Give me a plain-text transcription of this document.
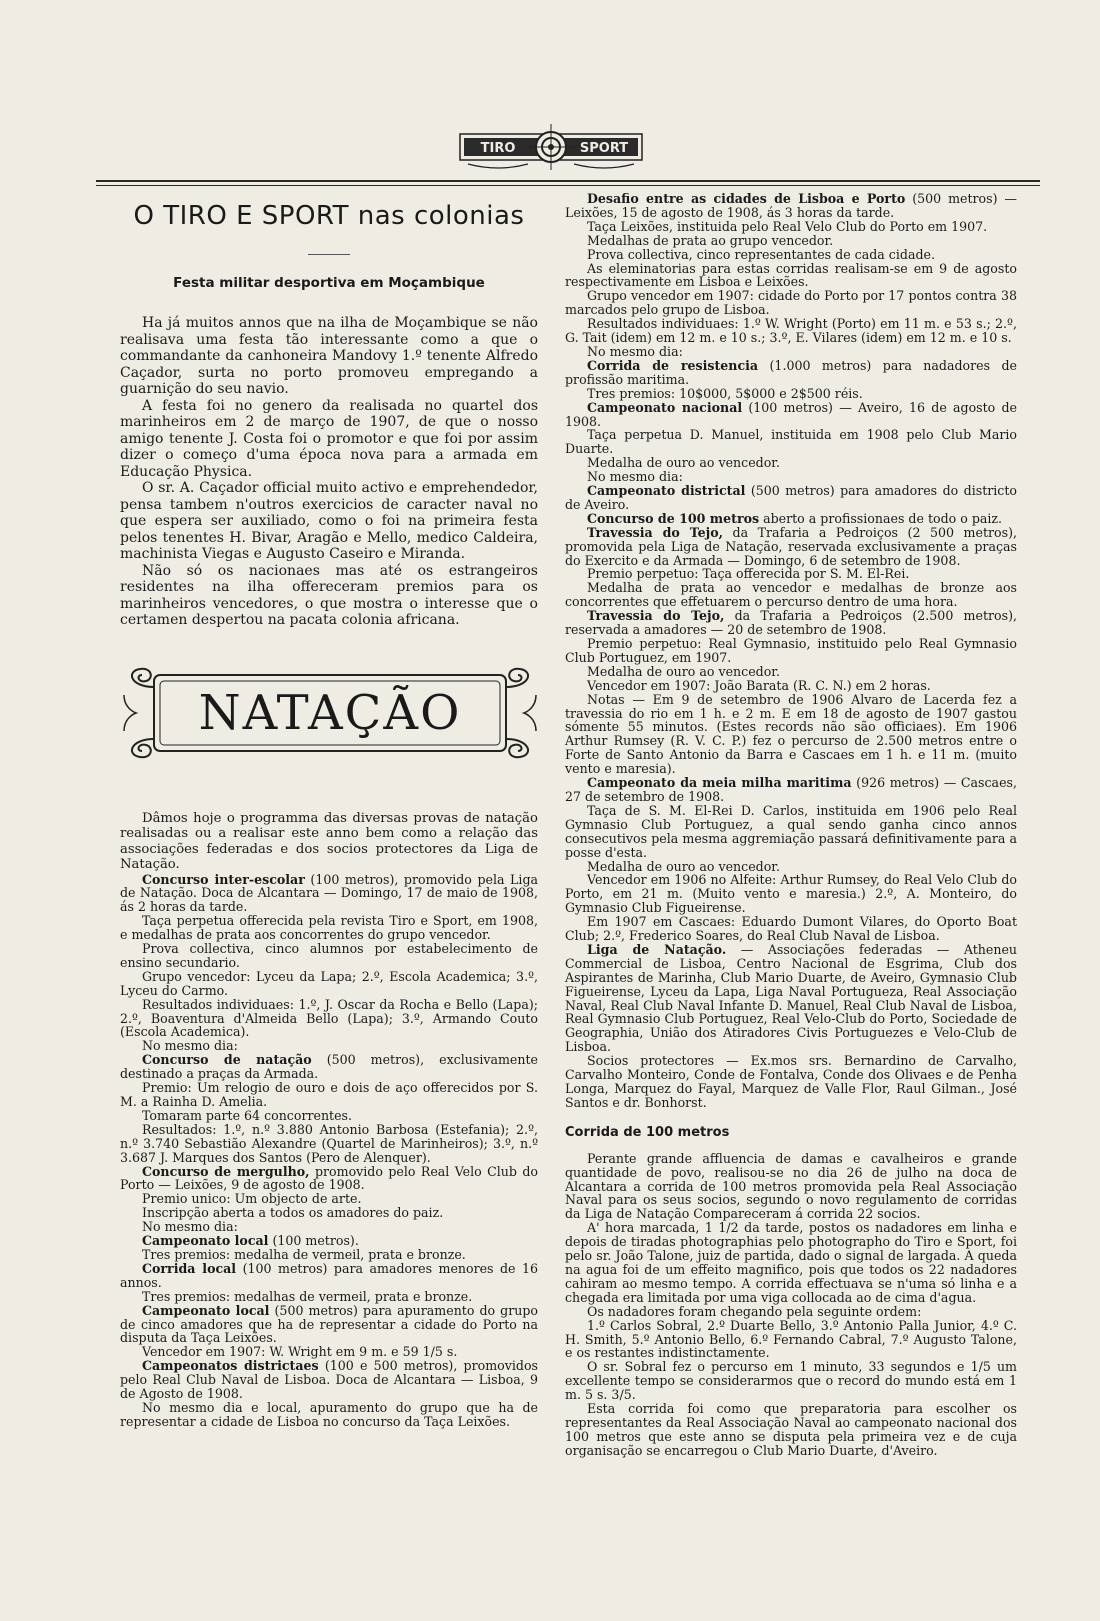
TIRO	SPORT
O TIRO E SPORT nas colonias
Festa militar desportiva em Moçambique

Ha já muitos annos que na ilha de Moçambique se não realisava uma festa tão interessante como a que o commandante da canhoneira Mandovy 1.º tenente Alfredo Caçador, surta no porto promoveu empregando a guarnição do seu navio.

A festa foi no genero da realisada no quartel dos marinheiros em 2 de março de 1907, de que o nosso amigo tenente J. Costa foi o promotor e que foi por assim dizer o começo d'uma época nova para a armada em Educação Physica.

O sr. A. Caçador official muito activo e emprehendedor, pensa tambem n'outros exercicios de caracter naval no que espera ser auxiliado, como o foi na primeira festa pelos tenentes H. Bivar, Aragão e Mello, medico Caldeira, machinista Viegas e Augusto Caseiro e Miranda.

Não só os nacionaes mas até os estrangeiros residentes na ilha offereceram premios para os marinheiros vencedores, o que mostra o interesse que o certamen despertou na pacata colonia africana.

NATAÇÃO

Dâmos hoje o programma das diversas provas de natação realisadas ou a realisar este anno bem como a relação das associações federadas e dos socios protectores da Liga de Natação.

Concurso inter-escolar (100 metros), promovido pela Liga de Natação. Doca de Alcantara — Domingo, 17 de maio de 1908, ás 2 horas da tarde.

Taça perpetua offerecida pela revista Tiro e Sport, em 1908, e medalhas de prata aos concorrentes do grupo vencedor.

Prova collectiva, cinco alumnos por estabelecimento de ensino secundario.

Grupo vencedor: Lyceu da Lapa; 2.º, Escola Academica; 3.º, Lyceu do Carmo.

Resultados individuaes: 1.º, J. Oscar da Rocha e Bello (Lapa); 2.º, Boaventura d'Almeida Bello (Lapa); 3.º, Armando Couto (Escola Academica).

No mesmo dia:

Concurso de natação (500 metros), exclusivamente destinado a praças da Armada.

Premio: Um relogio de ouro e dois de aço offerecidos por S. M. a Rainha D. Amelia.

Tomaram parte 64 concorrentes.

Resultados: 1.º, n.º 3.880 Antonio Barbosa (Estefania); 2.º, n.º 3.740 Sebastião Alexandre (Quartel de Marinheiros); 3.º, n.º 3.687 J. Marques dos Santos (Pero de Alenquer).

Concurso de mergulho, promovido pelo Real Velo Club do Porto — Leixões, 9 de agosto de 1908.

Premio unico: Um objecto de arte.

Inscripção aberta a todos os amadores do paiz.

No mesmo dia:

Campeonato local (100 metros).

Tres premios: medalha de vermeil, prata e bronze.

Corrida local (100 metros) para amadores menores de 16 annos.

Tres premios: medalhas de vermeil, prata e bronze.

Campeonato local (500 metros) para apuramento do grupo de cinco amadores que ha de representar a cidade do Porto na disputa da Taça Leixões.

Vencedor em 1907: W. Wright em 9 m. e 59 1/5 s.

Campeonatos districtaes (100 e 500 metros), promovidos pelo Real Club Naval de Lisboa. Doca de Alcantara — Lisboa, 9 de Agosto de 1908.

No mesmo dia e local, apuramento do grupo que ha de representar a cidade de Lisboa no concurso da Taça Leixões.

Desafio entre as cidades de Lisboa e Porto (500 metros) — Leixões, 15 de agosto de 1908, ás 3 horas da tarde.

Taça Leixões, instituida pelo Real Velo Club do Porto em 1907.

Medalhas de prata ao grupo vencedor.

Prova collectiva, cinco representantes de cada cidade.

As eleminatorias para estas corridas realisam-se em 9 de agosto respectivamente em Lisboa e Leixões.

Grupo vencedor em 1907: cidade do Porto por 17 pontos contra 38 marcados pelo grupo de Lisboa.

Resultados individuaes: 1.º W. Wright (Porto) em 11 m. e 53 s.; 2.º, G. Tait (idem) em 12 m. e 10 s.; 3.º, E. Vilares (idem) em 12 m. e 10 s.

No mesmo dia:

Corrida de resistencia (1.000 metros) para nadadores de profissão maritima.

Tres premios: 10$000, 5$000 e 2$500 réis.

Campeonato nacional (100 metros) — Aveiro, 16 de agosto de 1908.

Taça perpetua D. Manuel, instituida em 1908 pelo Club Mario Duarte.

Medalha de ouro ao vencedor.

No mesmo dia:

Campeonato districtal (500 metros) para amadores do districto de Aveiro.

Concurso de 100 metros aberto a profissionaes de todo o paiz.

Travessia do Tejo, da Trafaria a Pedroiços (2 500 metros), promovida pela Liga de Natação, reservada exclusivamente a praças do Exercito e da Armada — Domingo, 6 de setembro de 1908.

Premio perpetuo: Taça offerecida por S. M. El-Rei.

Medalha de prata ao vencedor e medalhas de bronze aos concorrentes que effetuarem o percurso dentro de uma hora.

Travessia do Tejo, da Trafaria a Pedroiços (2.500 metros), reservada a amadores — 20 de setembro de 1908.

Premio perpetuo: Real Gymnasio, instituido pelo Real Gymnasio Club Portuguez, em 1907.

Medalha de ouro ao vencedor.

Vencedor em 1907: João Barata (R. C. N.) em 2 horas.

Notas — Em 9 de setembro de 1906 Alvaro de Lacerda fez a travessia do rio em 1 h. e 2 m. E em 18 de agosto de 1907 gastou sómente 55 minutos. (Estes records não são officiaes). Em 1906 Arthur Rumsey (R. V. C. P.) fez o percurso de 2.500 metros entre o Forte de Santo Antonio da Barra e Cascaes em 1 h. e 11 m. (muito vento e maresia).

Campeonato da meia milha maritima (926 metros) — Cascaes, 27 de setembro de 1908.

Taça de S. M. El-Rei D. Carlos, instituida em 1906 pelo Real Gymnasio Club Portuguez, a qual sendo ganha cinco annos consecutivos pela mesma aggremiação passará definitivamente para a posse d'esta.

Medalha de ouro ao vencedor.

Vencedor em 1906 no Alfeite: Arthur Rumsey, do Real Velo Club do Porto, em 21 m. (Muito vento e maresia.) 2.º, A. Monteiro, do Gymnasio Club Figueirense.

Em 1907 em Cascaes: Eduardo Dumont Vilares, do Oporto Boat Club; 2.º, Frederico Soares, do Real Club Naval de Lisboa.

Liga de Natação. — Associações federadas — Atheneu Commercial de Lisboa, Centro Nacional de Esgrima, Club dos Aspirantes de Marinha, Club Mario Duarte, de Aveiro, Gymnasio Club Figueirense, Lyceu da Lapa, Liga Naval Portugueza, Real Associação Naval, Real Club Naval Infante D. Manuel, Real Club Naval de Lisboa, Real Gymnasio Club Portuguez, Real Velo-Club do Porto, Sociedade de Geographia, União dos Atiradores Civis Portuguezes e Velo-Club de Lisboa.

Socios protectores — Ex.mos srs. Bernardino de Carvalho, Carvalho Monteiro, Conde de Fontalva, Conde dos Olivaes e de Penha Longa, Marquez do Fayal, Marquez de Valle Flor, Raul Gilman., José Santos e dr. Bonhorst.

Corrida de 100 metros

Perante grande affluencia de damas e cavalheiros e grande quantidade de povo, realisou-se no dia 26 de julho na doca de Alcantara a corrida de 100 metros promovida pela Real Associação Naval para os seus socios, segundo o novo regulamento de corridas da Liga de Natação Compareceram á corrida 22 socios.

A' hora marcada, 1 1/2 da tarde, postos os nadadores em linha e depois de tiradas photographias pelo photographo do Tiro e Sport, foi pelo sr. João Talone, juiz de partida, dado o signal de largada. A queda na agua foi de um effeito magnifico, pois que todos os 22 nadadores cahiram ao mesmo tempo. A corrida effectuava se n'uma só linha e a chegada era limitada por uma viga collocada ao de cima d'agua.

Os nadadores foram chegando pela seguinte ordem:

1.º Carlos Sobral, 2.º Duarte Bello, 3.º Antonio Palla Junior, 4.º C. H. Smith, 5.º Antonio Bello, 6.º Fernando Cabral, 7.º Augusto Talone, e os restantes indistinctamente.

O sr. Sobral fez o percurso em 1 minuto, 33 segundos e 1/5 um excellente tempo se considerarmos que o record do mundo está em 1 m. 5 s. 3/5.

Esta corrida foi como que preparatoria para escolher os representantes da Real Associação Naval ao campeonato nacional dos 100 metros que este anno se disputa pela primeira vez e de cuja organisação se encarregou o Club Mario Duarte, d'Aveiro.
